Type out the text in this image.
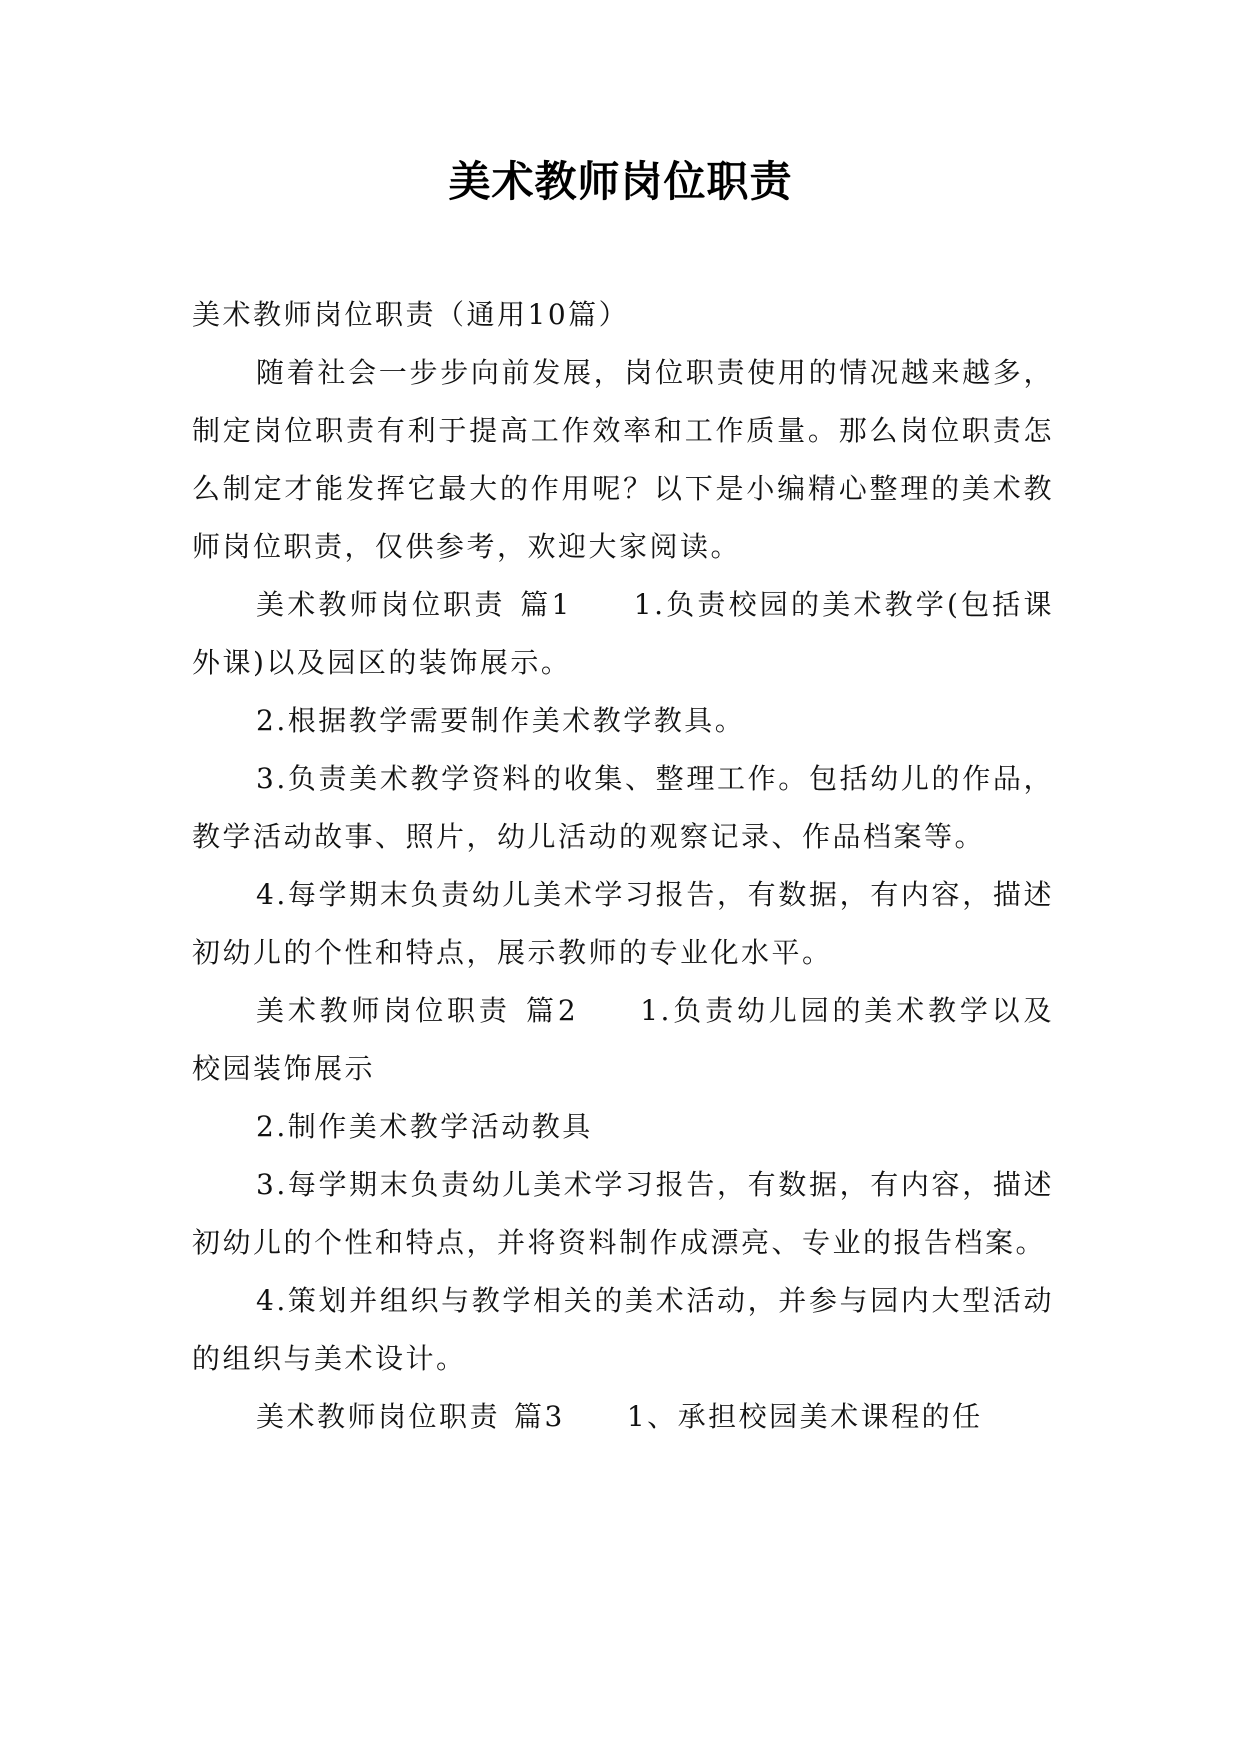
美术教师岗位职责

美术教师岗位职责（通用10篇）

随着社会一步步向前发展，岗位职责使用的情况越来越多，制定岗位职责有利于提高工作效率和工作质量。那么岗位职责怎么制定才能发挥它最大的作用呢？以下是小编精心整理的美术教师岗位职责，仅供参考，欢迎大家阅读。

美术教师岗位职责 篇1 1.负责校园的美术教学(包括课外课)以及园区的装饰展示。

2.根据教学需要制作美术教学教具。

3.负责美术教学资料的收集、整理工作。包括幼儿的作品，教学活动故事、照片，幼儿活动的观察记录、作品档案等。

4.每学期末负责幼儿美术学习报告，有数据，有内容，描述初幼儿的个性和特点，展示教师的专业化水平。

美术教师岗位职责 篇2 1.负责幼儿园的美术教学以及校园装饰展示

2.制作美术教学活动教具

3.每学期末负责幼儿美术学习报告，有数据，有内容，描述初幼儿的个性和特点，并将资料制作成漂亮、专业的报告档案。

4.策划并组织与教学相关的美术活动，并参与园内大型活动的组织与美术设计。

美术教师岗位职责 篇3 1、承担校园美术课程的任
